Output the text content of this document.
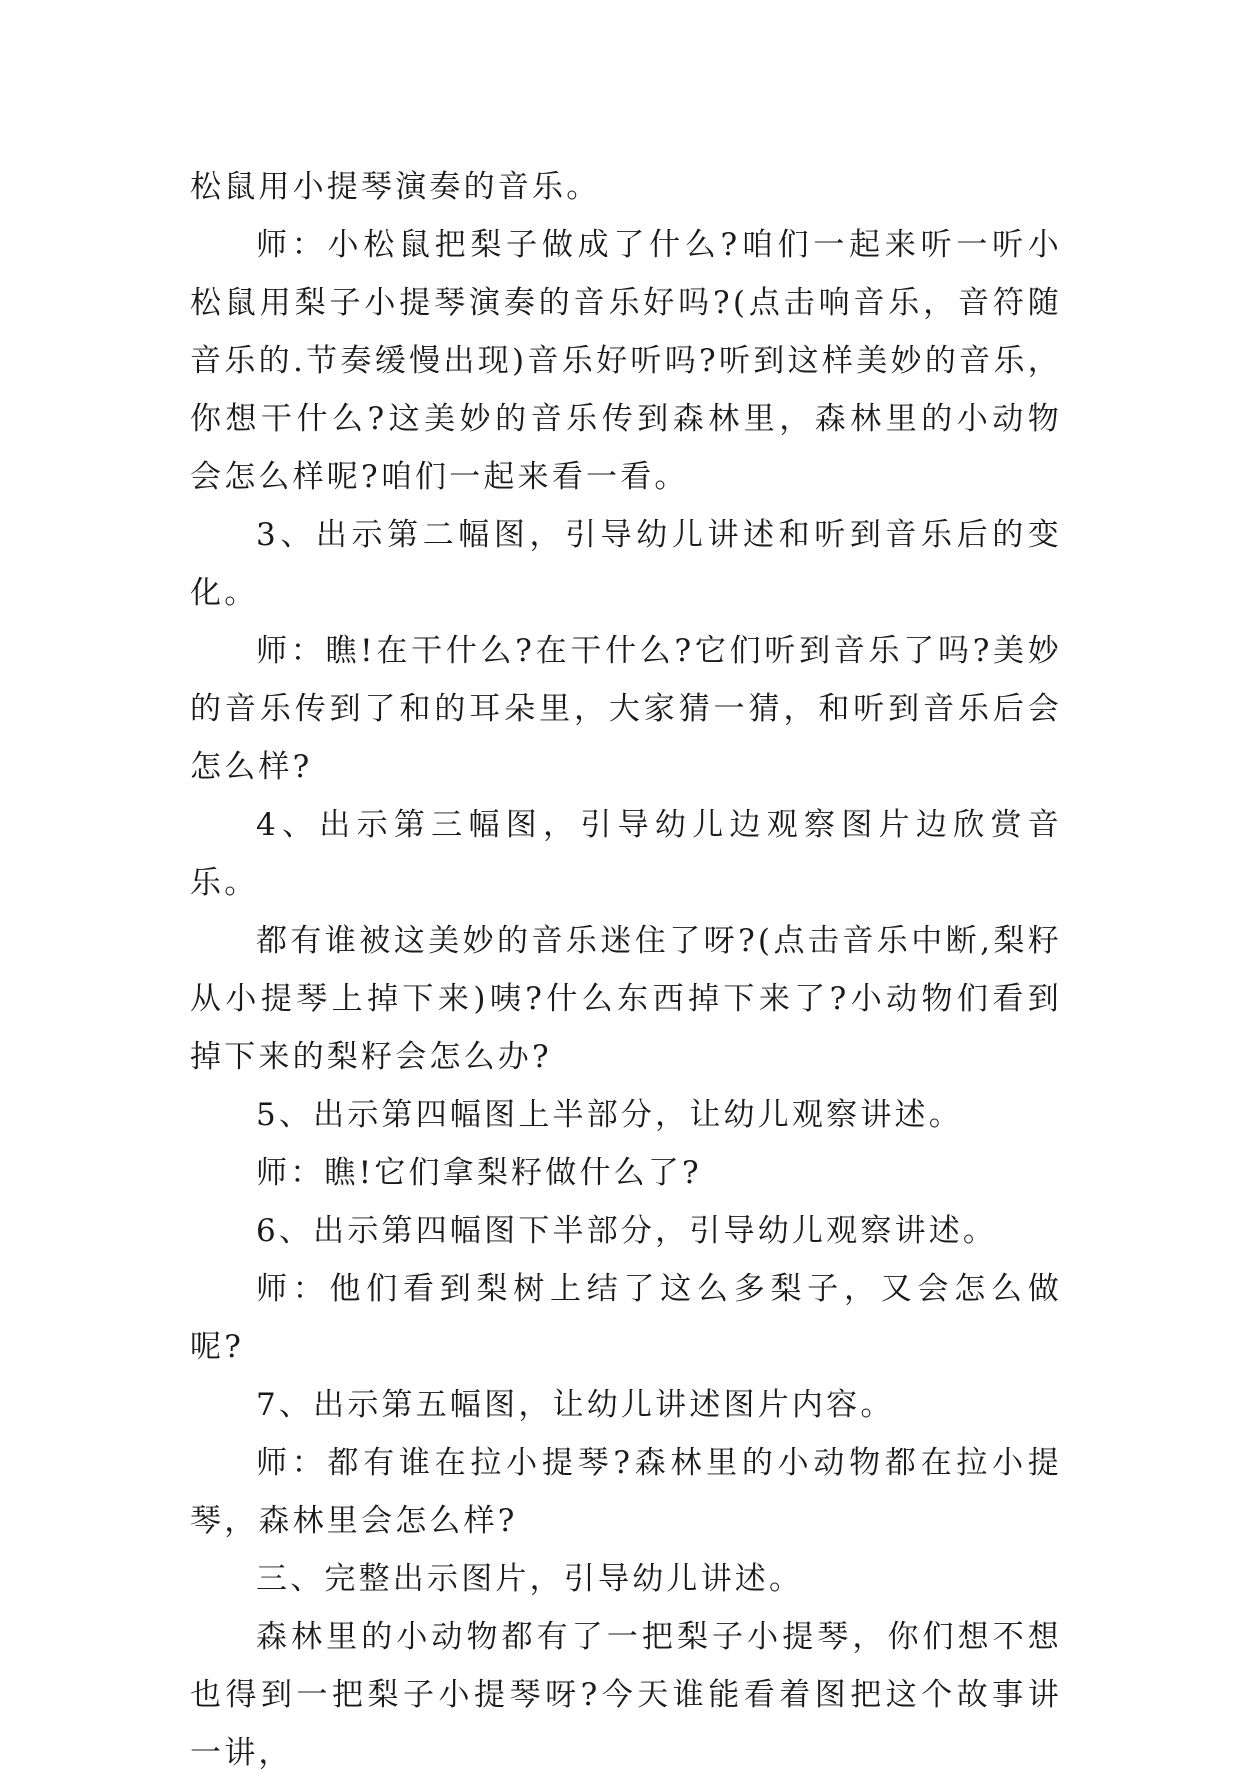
松鼠用小提琴演奏的音乐。

师：小松鼠把梨子做成了什么?咱们一起来听一听小松鼠用梨子小提琴演奏的音乐好吗?(点击响音乐，音符随音乐的.节奏缓慢出现)音乐好听吗?听到这样美妙的音乐，你想干什么?这美妙的音乐传到森林里，森林里的小动物会怎么样呢?咱们一起来看一看。

3、出示第二幅图，引导幼儿讲述和听到音乐后的变化。

师：瞧!在干什么?在干什么?它们听到音乐了吗?美妙的音乐传到了和的耳朵里，大家猜一猜，和听到音乐后会怎么样?

4、出示第三幅图，引导幼儿边观察图片边欣赏音乐。

都有谁被这美妙的音乐迷住了呀?(点击音乐中断,梨籽从小提琴上掉下来)咦?什么东西掉下来了?小动物们看到掉下来的梨籽会怎么办?

5、出示第四幅图上半部分，让幼儿观察讲述。

师：瞧!它们拿梨籽做什么了?

6、出示第四幅图下半部分，引导幼儿观察讲述。

师：他们看到梨树上结了这么多梨子，又会怎么做呢?

7、出示第五幅图，让幼儿讲述图片内容。

师：都有谁在拉小提琴?森林里的小动物都在拉小提琴，森林里会怎么样?

三、完整出示图片，引导幼儿讲述。

森林里的小动物都有了一把梨子小提琴，你们想不想也得到一把梨子小提琴呀?今天谁能看着图把这个故事讲一讲，
